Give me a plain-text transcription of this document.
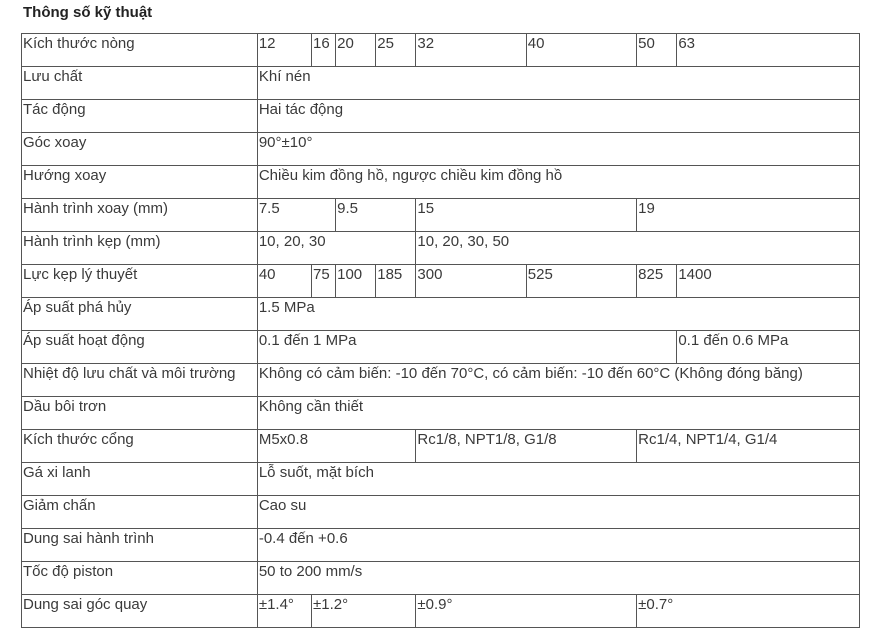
Thông số kỹ thuật
Kích thước nòng	12	16	20	25	32	40	50	63
Lưu chất	Khí nén							
Tác động	Hai tác động							
Góc xoay	90°±10°							
Hướng xoay	Chiều kim đồng hồ, ngược chiều kim đồng hồ							
Hành trình xoay (mm)	7.5		9.5		15		19	
Hành trình kẹp (mm)	10, 20, 30				10, 20, 30, 50			
Lực kẹp lý thuyết	40	75	100	185	300	525	825	1400
Áp suất phá hủy	1.5 MPa							
Áp suất hoạt động	0.1 đến 1 MPa							0.1 đến 0.6 MPa
Nhiệt độ lưu chất và môi trường	Không có cảm biến: -10 đến 70°C, có cảm biến: -10 đến 60°C (Không đóng băng)							
Dầu bôi trơn	Không cần thiết							
Kích thước cổng	M5x0.8				Rc1/8, NPT1/8, G1/8		Rc1/4, NPT1/4, G1/4	
Gá xi lanh	Lỗ suốt, mặt bích							
Giảm chấn	Cao su							
Dung sai hành trình	-0.4 đến +0.6							
Tốc độ piston	50 to 200 mm/s							
Dung sai góc quay	±1.4°	±1.2°			±0.9°		±0.7°	
